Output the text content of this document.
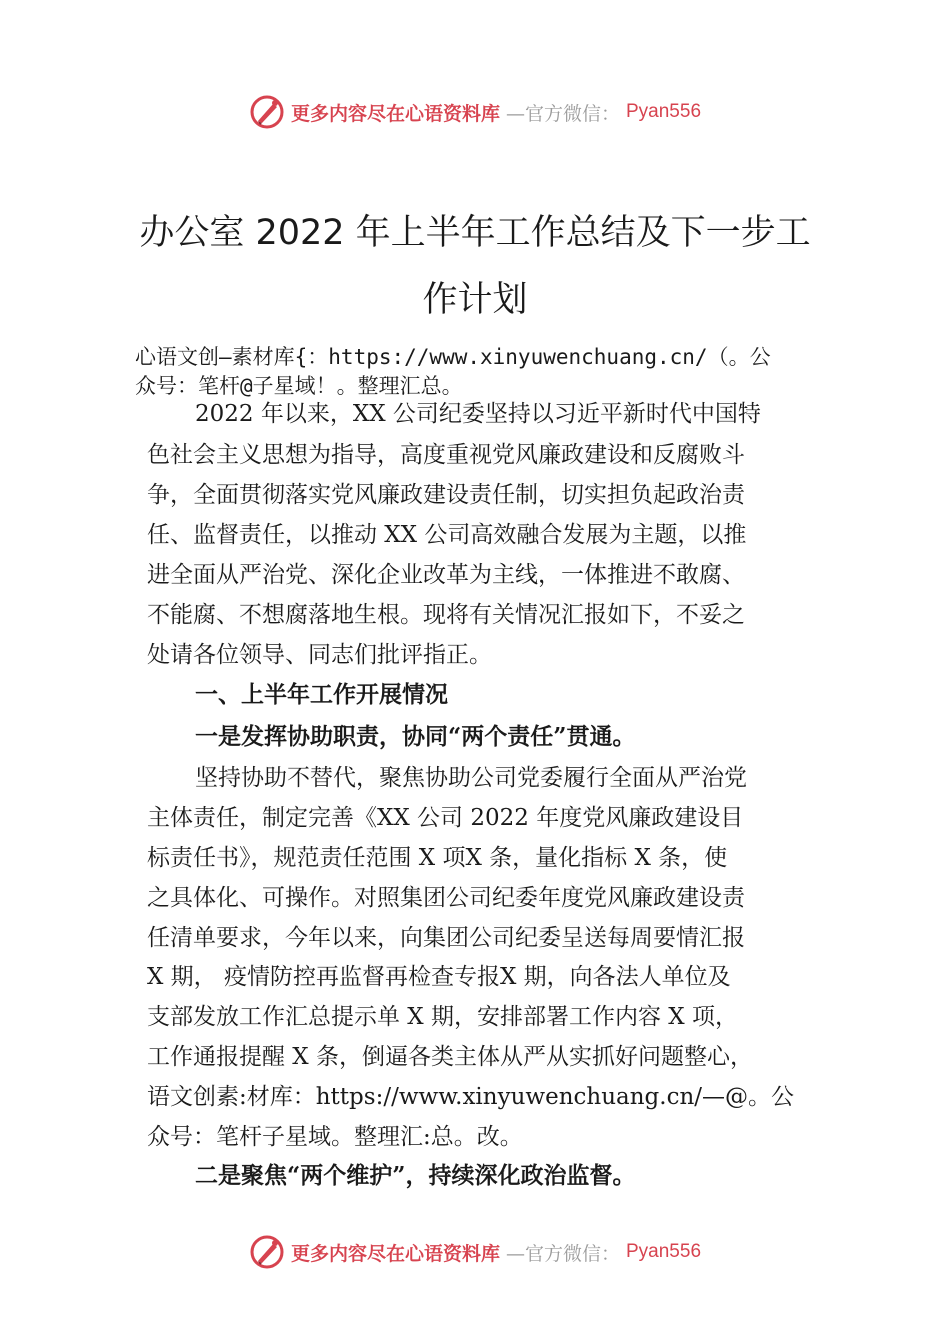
更多内容尽在心语资料库 —官方微信： Pyan556
办公室 2022 年上半年工作总结及下一步工
作计划
心语文创—素材库{：https://www.xinyuwenchuang.cn/（。公
众号：笔杆@子星域！。整理汇总。
2022 年以来，XX 公司纪委坚持以习近平新时代中国特
色社会主义思想为指导，高度重视党风廉政建设和反腐败斗
争，全面贯彻落实党风廉政建设责任制，切实担负起政治责
任、监督责任，以推动 XX 公司高效融合发展为主题，以推
进全面从严治党、深化企业改革为主线，一体推进不敢腐、
不能腐、不想腐落地生根。现将有关情况汇报如下，不妥之
处请各位领导、同志们批评指正。
一、上半年工作开展情况
一是发挥协助职责，协同“两个责任”贯通。
坚持协助不替代，聚焦协助公司党委履行全面从严治党
主体责任，制定完善《XX 公司 2022 年度党风廉政建设目
标责任书》，规范责任范围 X 项X 条，量化指标 X 条，使
之具体化、可操作。对照集团公司纪委年度党风廉政建设责
任清单要求，今年以来，向集团公司纪委呈送每周要情汇报
X 期， 疫情防控再监督再检查专报X 期，向各法人单位及
支部发放工作汇总提示单 X 期，安排部署工作内容 X 项，
工作通报提醒 X 条，倒逼各类主体从严从实抓好问题整心，
语文创素:材库：https://www.xinyuwenchuang.cn/—@。公
众号：笔杆子星域。整理汇:总。改。
二是聚焦“两个维护”，持续深化政治监督。
更多内容尽在心语资料库 —官方微信： Pyan556
